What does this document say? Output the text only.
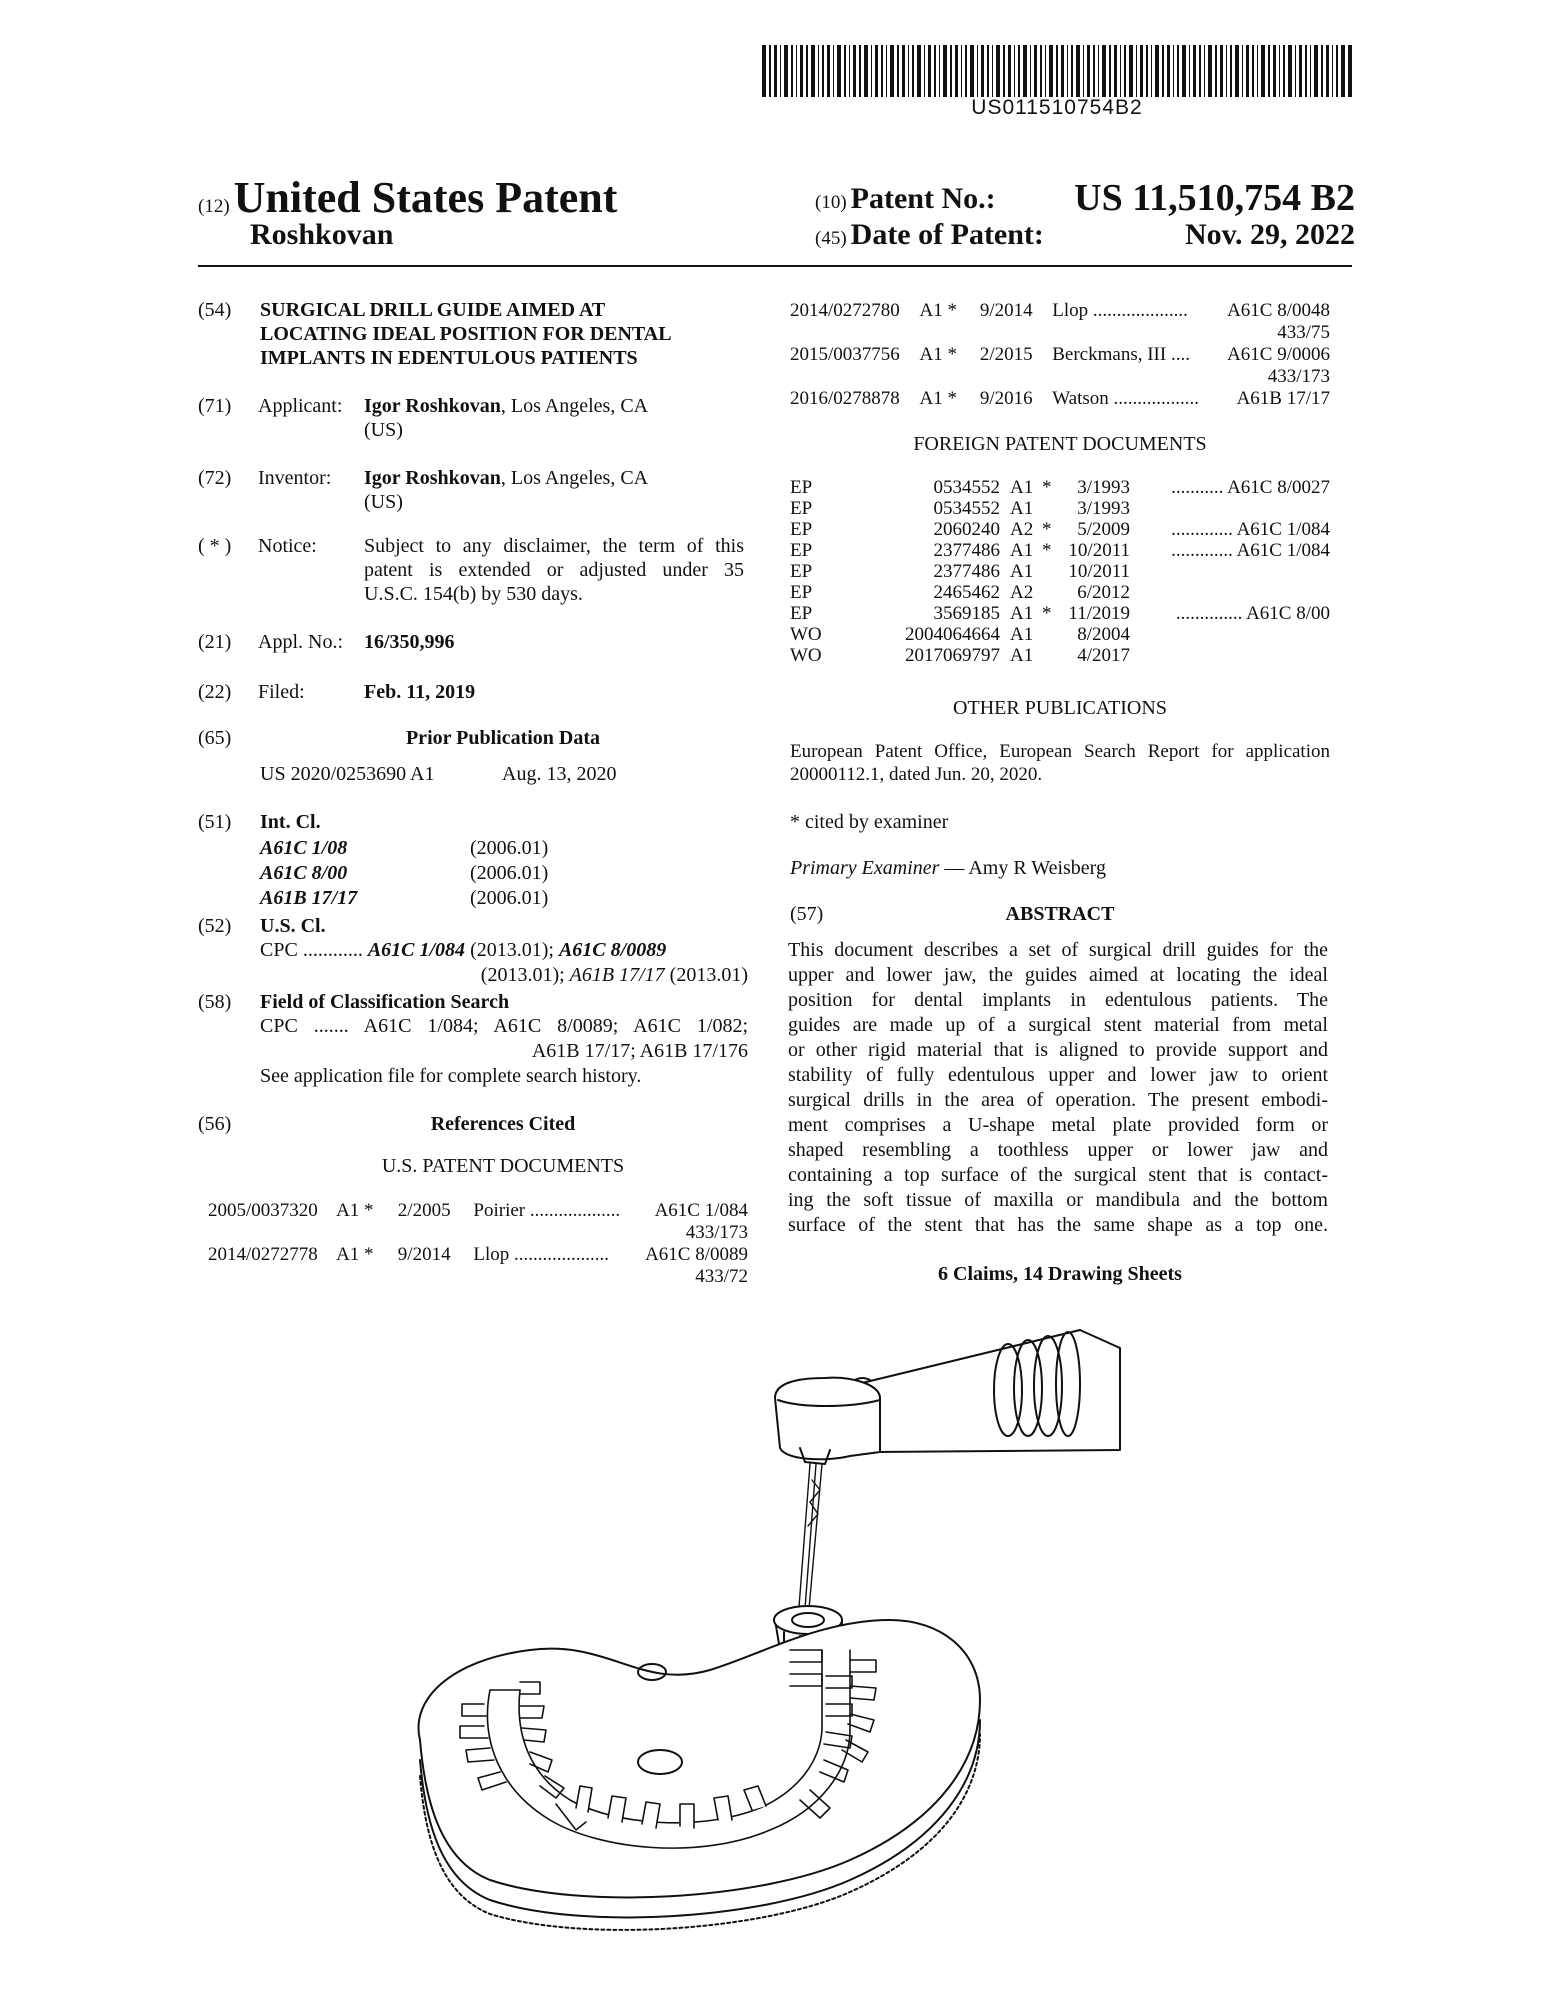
US011510754B2
(12) United States Patent
Roshkovan
(10) Patent No.: US 11,510,754 B2
(45) Date of Patent:	Nov. 29, 2022
(54)	SURGICAL DRILL GUIDE AIMED AT
LOCATING IDEAL POSITION FOR DENTAL
IMPLANTS IN EDENTULOUS PATIENTS
(71)	Applicant: Igor Roshkovan, Los Angeles, CA
(US)
(72)	Inventor: Igor Roshkovan, Los Angeles, CA
(US)
( * )	Notice: Subject to any disclaimer, the term of this
patent is extended or adjusted under 35
U.S.C. 154(b) by 530 days.
(21)	Appl. No.: 16/350,996
(22)	Filed:	Feb. 11, 2019
(65)	Prior Publication Data
US 2020/0253690 A1	Aug. 13, 2020
(51)	Int. Cl.
A61C 1/08	(2006.01)
A61C 8/00	(2006.01)
A61B 17/17	(2006.01)
(52)	U.S. Cl.
CPC ............ A61C 1/084 (2013.01); A61C 8/0089
(2013.01); A61B 17/17 (2013.01)
(58)	Field of Classification Search
CPC ....... A61C 1/084; A61C 8/0089; A61C 1/082;
A61B 17/17; A61B 17/176
See application file for complete search history.
(56)	References Cited
U.S. PATENT DOCUMENTS
2005/0037320	A1 *	2/2005	Poirier ...................	A61C 1/084
433/173				
2014/0272778	A1 *	9/2014	Llop ....................	A61C 8/0089
433/72				
2014/0272780	A1 *	9/2014	Llop ....................	A61C 8/0048
433/75				
2015/0037756	A1 *	2/2015	Berckmans, III ....	A61C 9/0006
433/173				
2016/0278878	A1 *	9/2016	Watson ..................	A61B 17/17
FOREIGN PATENT DOCUMENTS
EP	0534552	A1	*	3/1993	........... A61C 8/0027
EP	0534552	A1		3/1993	
EP	2060240	A2	*	5/2009	............. A61C 1/084
EP	2377486	A1	*	10/2011	............. A61C 1/084
EP	2377486	A1		10/2011	
EP	2465462	A2		6/2012	
EP	3569185	A1	*	11/2019	.............. A61C 8/00
WO	2004064664	A1		8/2004	
WO	2017069797	A1		4/2017	
OTHER PUBLICATIONS
European Patent Office, European Search Report for application
20000112.1, dated Jun. 20, 2020.
* cited by examiner
Primary Examiner — Amy R Weisberg
(57)	ABSTRACT
This document describes a set of surgical drill guides for the
upper and lower jaw, the guides aimed at locating the ideal
position for dental implants in edentulous patients. The
guides are made up of a surgical stent material from metal
or other rigid material that is aligned to provide support and
stability of fully edentulous upper and lower jaw to orient
surgical drills in the area of operation. The present embodi-
ment comprises a U-shape metal plate provided form or
shaped resembling a toothless upper or lower jaw and
containing a top surface of the surgical stent that is contact-
ing the soft tissue of maxilla or mandibula and the bottom
surface of the stent that has the same shape as a top one.
6 Claims, 14 Drawing Sheets
